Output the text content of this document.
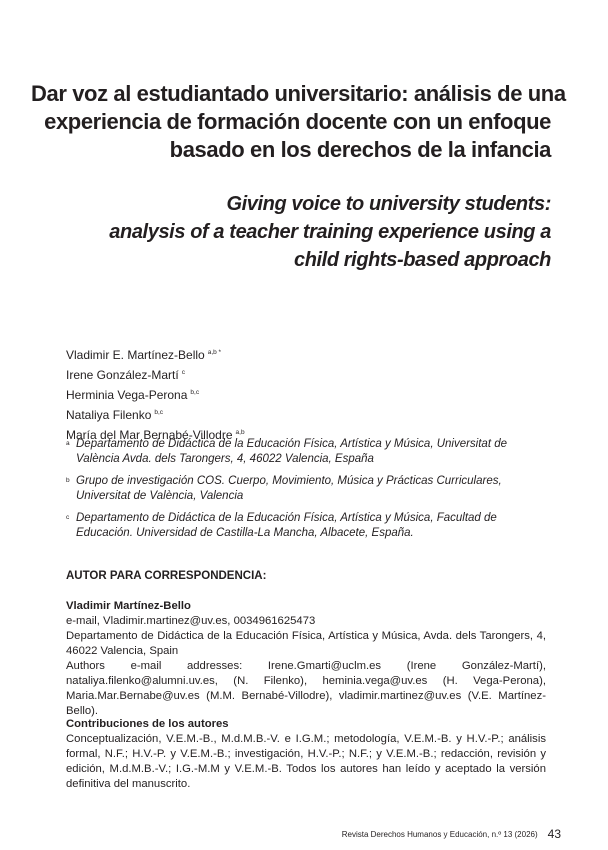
Dar voz al estudiantado universitario: análisis de una
experiencia de formación docente con un enfoque
basado en los derechos de la infancia
Giving voice to university students:
analysis of a teacher training experience using a
child rights-based approach
Vladimir E. Martínez-Bello $^{a,b *}$
Irene González-Martí $^c$
Herminia Vega-Perona $^{b,c}$
Nataliya Filenko $^{b,c}$
María del Mar Bernabé-Villodre $^{a,b}$
a Departamento de Didáctica de la Educación Física, Artística y Música, Universitat de València Avda. dels Tarongers, 4, 46022 Valencia, España
b Grupo de investigación COS. Cuerpo, Movimiento, Música y Prácticas Curriculares, Universitat de València, Valencia
c Departamento de Didáctica de la Educación Física, Artística y Música, Facultad de Educación. Universidad de Castilla-La Mancha, Albacete, España.
AUTOR PARA CORRESPONDENCIA:
Vladimir Martínez-Bello
e-mail, Vladimir.martinez@uv.es, 0034961625473
Departamento de Didáctica de la Educación Física, Artística y Música, Avda. dels Tarongers, 4, 46022 Valencia, Spain
Authors e-mail addresses: Irene.Gmarti@uclm.es (Irene González-Martí), nataliya.filenko@alumni.uv.es, (N. Filenko), heminia.vega@uv.es (H. Vega-Perona), Maria.Mar.Bernabe@uv.es (M.M. Bernabé-Villodre), vladimir.martinez@uv.es (V.E. Martínez-Bello).
Contribuciones de los autores
Conceptualización, V.E.M.-B., M.d.M.B.-V. e I.G.M.; metodología, V.E.M.-B. y H.V.-P.; análisis formal, N.F.; H.V.-P. y V.E.M.-B.; investigación, H.V.-P.; N.F.; y V.E.M.-B.; redacción, revisión y edición, M.d.M.B.-V.; I.G.-M.M y V.E.M.-B. Todos los autores han leído y aceptado la versión definitiva del manuscrito.
Revista Derechos Humanos y Educación, n.º 13 (2026) 43
